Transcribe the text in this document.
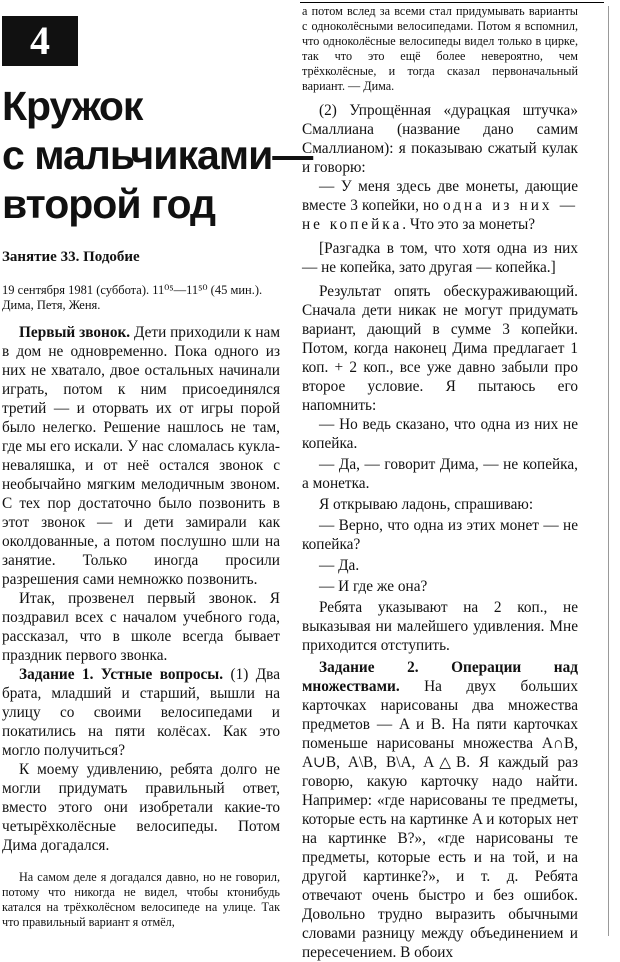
4
Кружок
с мальчиками—
второй год
Занятие 33. Подобие
19 сентября 1981 (суббота). 11⁰⁵—11⁵⁰ (45 мин.).
Дима, Петя, Женя.

Первый звонок. Дети приходили к нам в дом не одновременно. Пока одного из них не хватало, двое остальных начинали играть, потом к ним присоединялся третий — и оторвать их от игры порой было нелегко. Решение нашлось не там, где мы его искали. У нас сломалась кукла-неваляшка, и от неё остался звонок с необычайно мягким мелодичным звоном. С тех пор достаточно было позвонить в этот звонок — и дети замирали как околдованные, а потом послушно шли на занятие. Только иногда просили разрешения сами немножко позвонить.

Итак, прозвенел первый звонок. Я поздравил всех с началом учебного года, рассказал, что в школе всегда бывает праздник первого звонка.

Задание 1. Устные вопросы. (1) Два брата, младший и старший, вышли на улицу со своими велосипедами и покатились на пяти колёсах. Как это могло получиться?

К моему удивлению, ребята долго не могли придумать правильный ответ, вместо этого они изобретали какие-то четырёхколёсные велосипеды. Потом Дима догадался.

На самом деле я догадался давно, но не говорил, потому что никогда не видел, чтобы ктонибудь катался на трёхколёсном велосипеде на улице. Так что правильный вариант я отмёл,

а потом вслед за всеми стал придумывать варианты с одноколёсными велосипедами. Потом я вспомнил, что одноколёсные велосипеды видел только в цирке, так что это ещё более невероятно, чем трёхколёсные, и тогда сказал первоначальный вариант. — Дима.

(2) Упрощённая «дурацкая штучка» Смаллиана (название дано самим Смаллианом): я показываю сжатый кулак и говорю:

— У меня здесь две монеты, дающие вместе 3 копейки, но одна из них — не копейка. Что это за монеты?

[Разгадка в том, что хотя одна из них — не копейка, зато другая — копейка.]

Результат опять обескураживающий. Сначала дети никак не могут придумать вариант, дающий в сумме 3 копейки. Потом, когда наконец Дима предлагает 1 коп. + 2 коп., все уже давно забыли про второе условие. Я пытаюсь его напомнить:

— Но ведь сказано, что одна из них не копейка.

— Да, — говорит Дима, — не копейка, а монетка.

Я открываю ладонь, спрашиваю:

— Верно, что одна из этих монет — не копейка?

— Да.

— И где же она?

Ребята указывают на 2 коп., не выказывая ни малейшего удивления. Мне приходится отступить.

Задание 2. Операции над множествами. На двух больших карточках нарисованы два множества предметов — A и B. На пяти карточках поменьше нарисованы множества A∩B, A∪B, A\B, B\A, A△B. Я каждый раз говорю, какую карточку надо найти. Например: «где нарисованы те предметы, которые есть на картинке A и которых нет на картинке B?», «где нарисованы те предметы, которые есть и на той, и на другой картинке?», и т. д. Ребята отвечают очень быстро и без ошибок. Довольно трудно выразить обычными словами разницу между объединением и пересечением. В обоих
